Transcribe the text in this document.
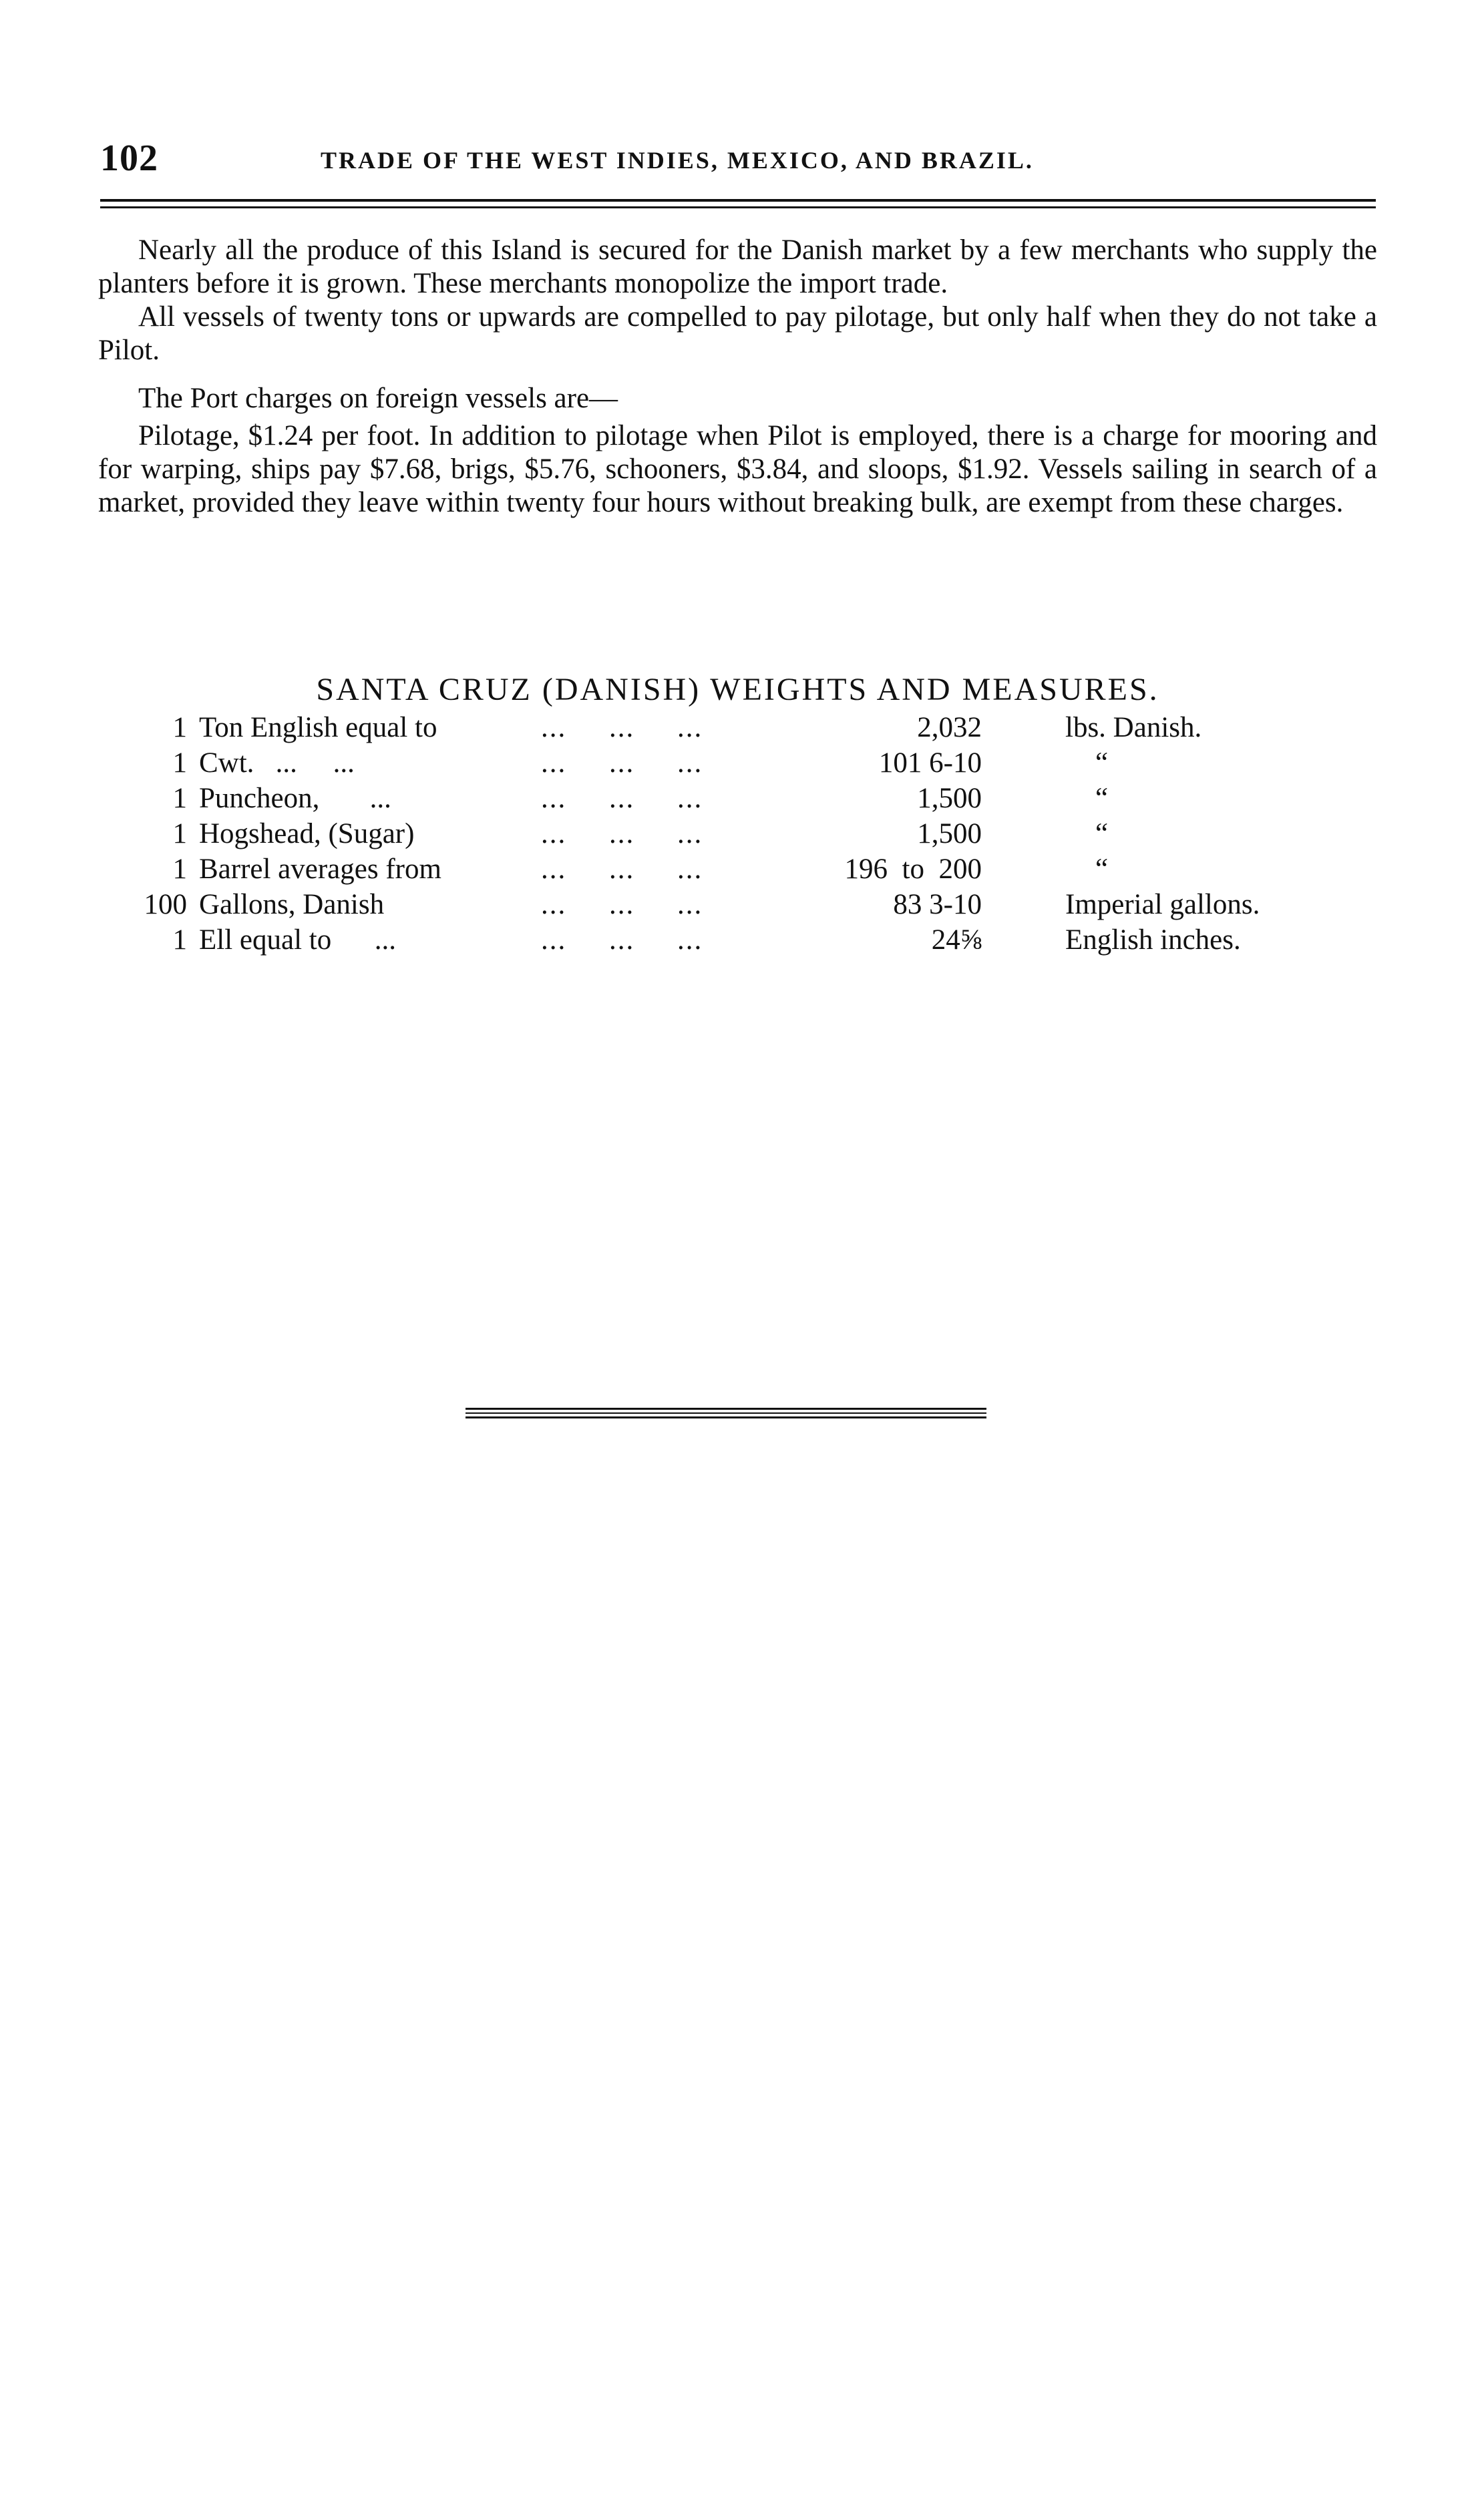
102	TRADE OF THE WEST INDIES, MEXICO, AND BRAZIL.

Nearly all the produce of this Island is secured for the Danish market by a few merchants who supply the planters before it is grown. These merchants monopolize the import trade.

All vessels of twenty tons or upwards are compelled to pay pilotage, but only half when they do not take a Pilot.

The Port charges on foreign vessels are—

Pilotage, $1.24 per foot. In addition to pilotage when Pilot is employed, there is a charge for mooring and for warping, ships pay $7.68, brigs, $5.76, schooners, $3.84, and sloops, $1.92. Vessels sailing in search of a market, provided they leave within twenty four hours without breaking bulk, are exempt from these charges.

SANTA CRUZ (DANISH) WEIGHTS AND MEASURES.
1 Ton English equal to	...     ...     ...	2,032	lbs. Danish.
1 Cwt.   ...     ...	...     ...     ...	101 6-10	“
1 Puncheon,       ...	...     ...     ...	1,500	“
1 Hogshead, (Sugar)	...     ...     ...	1,500	“
1 Barrel averages from	...     ...     ...	196  to  200	“
100 Gallons, Danish	...     ...     ...	83 3-10	Imperial gallons.
1 Ell equal to      ...	...     ...     ...	24⅝	English inches.
